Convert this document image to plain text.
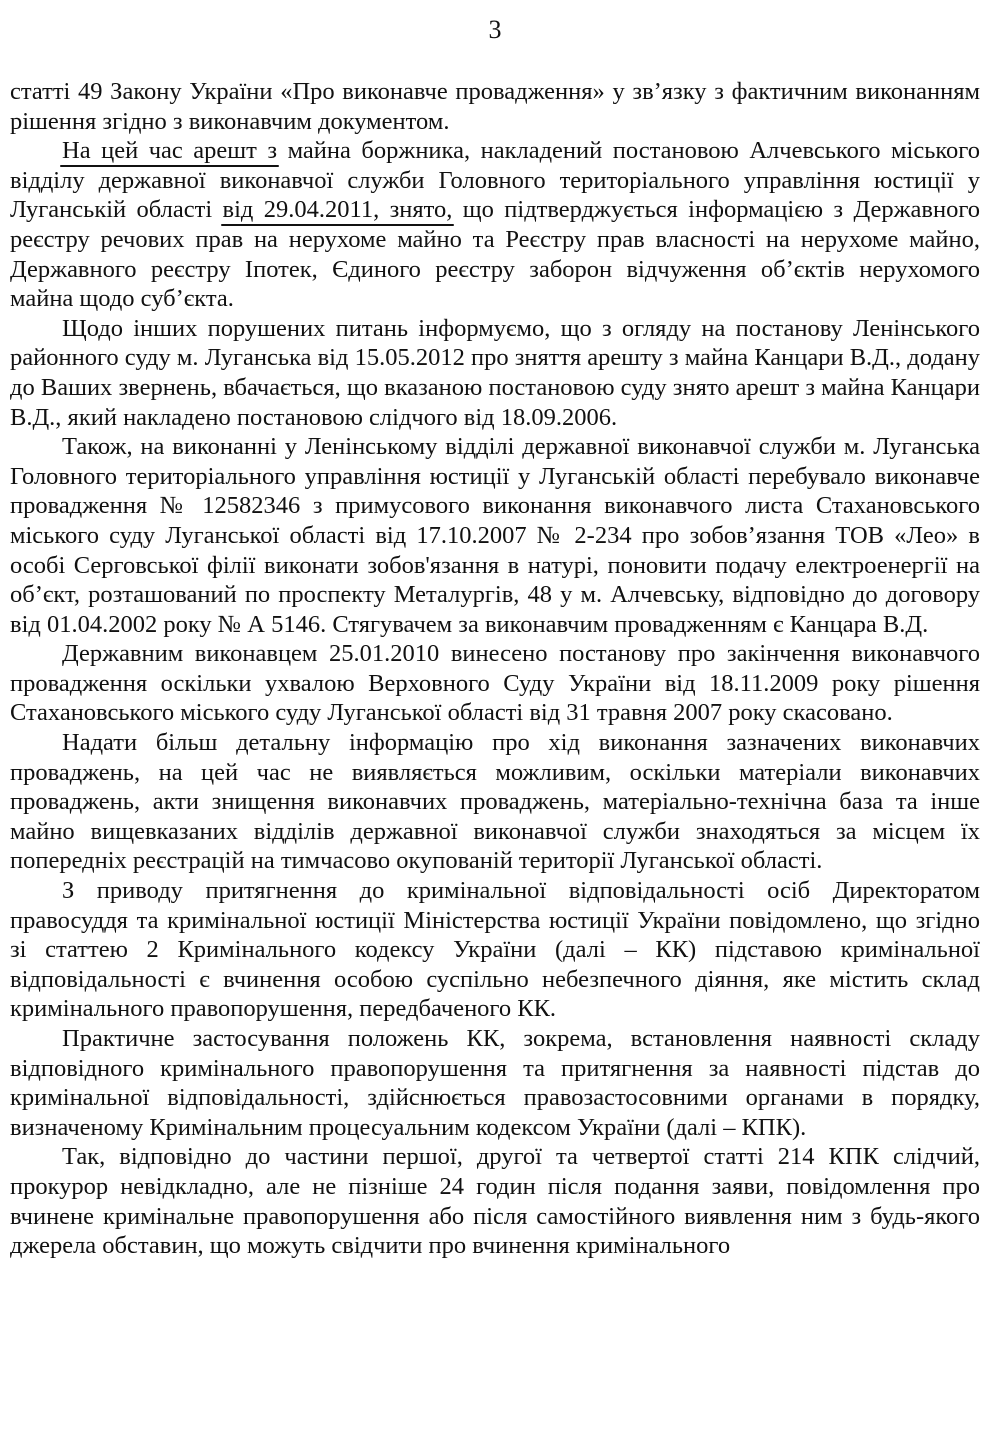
3

статті 49 Закону України «Про виконавче провадження» у зв’язку з фактичним виконанням рішення згідно з виконавчим документом.

На цей час арешт з майна боржника, накладений постановою Алчевського міського відділу державної виконавчої служби Головного територіального управління юстиції у Луганській області від 29.04.2011, знято, що підтверджується інформацією з Державного реєстру речових прав на нерухоме майно та Реєстру прав власності на нерухоме майно, Державного реєстру Іпотек, Єдиного реєстру заборон відчуження об’єктів нерухомого майна щодо суб’єкта.

Щодо інших порушених питань інформуємо, що з огляду на постанову Ленінського районного суду м. Луганська від 15.05.2012 про зняття арешту з майна Канцари В.Д., додану до Ваших звернень, вбачається, що вказаною постановою суду знято арешт з майна Канцари В.Д., який накладено постановою слідчого від 18.09.2006.

Також, на виконанні у Ленінському відділі державної виконавчої служби м. Луганська Головного територіального управління юстиції у Луганській області перебувало виконавче провадження № 12582346 з примусового виконання виконавчого листа Стахановського міського суду Луганської області від 17.10.2007 № 2-234 про зобов’язання ТОВ «Лео» в особі Серговської філії виконати зобов'язання в натурі, поновити подачу електроенергії на об’єкт, розташований по проспекту Металургів, 48 у м. Алчевську, відповідно до договору від 01.04.2002 року № А 5146. Стягувачем за виконавчим провадженням є Канцара В.Д.

Державним виконавцем 25.01.2010 винесено постанову про закінчення виконавчого провадження оскільки ухвалою Верховного Суду України від 18.11.2009 року рішення Стахановського міського суду Луганської області від 31 травня 2007 року скасовано.

Надати більш детальну інформацію про хід виконання зазначених виконавчих проваджень, на цей час не виявляється можливим, оскільки матеріали виконавчих проваджень, акти знищення виконавчих проваджень, матеріально-технічна база та інше майно вищевказаних відділів державної виконавчої служби знаходяться за місцем їх попередніх реєстрацій на тимчасово окупованій території Луганської області.

З приводу притягнення до кримінальної відповідальності осіб Директоратом правосуддя та кримінальної юстиції Міністерства юстиції України повідомлено, що згідно зі статтею 2 Кримінального кодексу України (далі – КК) підставою кримінальної відповідальності є вчинення особою суспільно небезпечного діяння, яке містить склад кримінального правопорушення, передбаченого КК.

Практичне застосування положень КК, зокрема, встановлення наявності складу відповідного кримінального правопорушення та притягнення за наявності підстав до кримінальної відповідальності, здійснюється правозастосовними органами в порядку, визначеному Кримінальним процесуальним кодексом України (далі – КПК).

Так, відповідно до частини першої, другої та четвертої статті 214 КПК слідчий, прокурор невідкладно, але не пізніше 24 годин після подання заяви, повідомлення про вчинене кримінальне правопорушення або після самостійного виявлення ним з будь-якого джерела обставин, що можуть свідчити про вчинення кримінального
